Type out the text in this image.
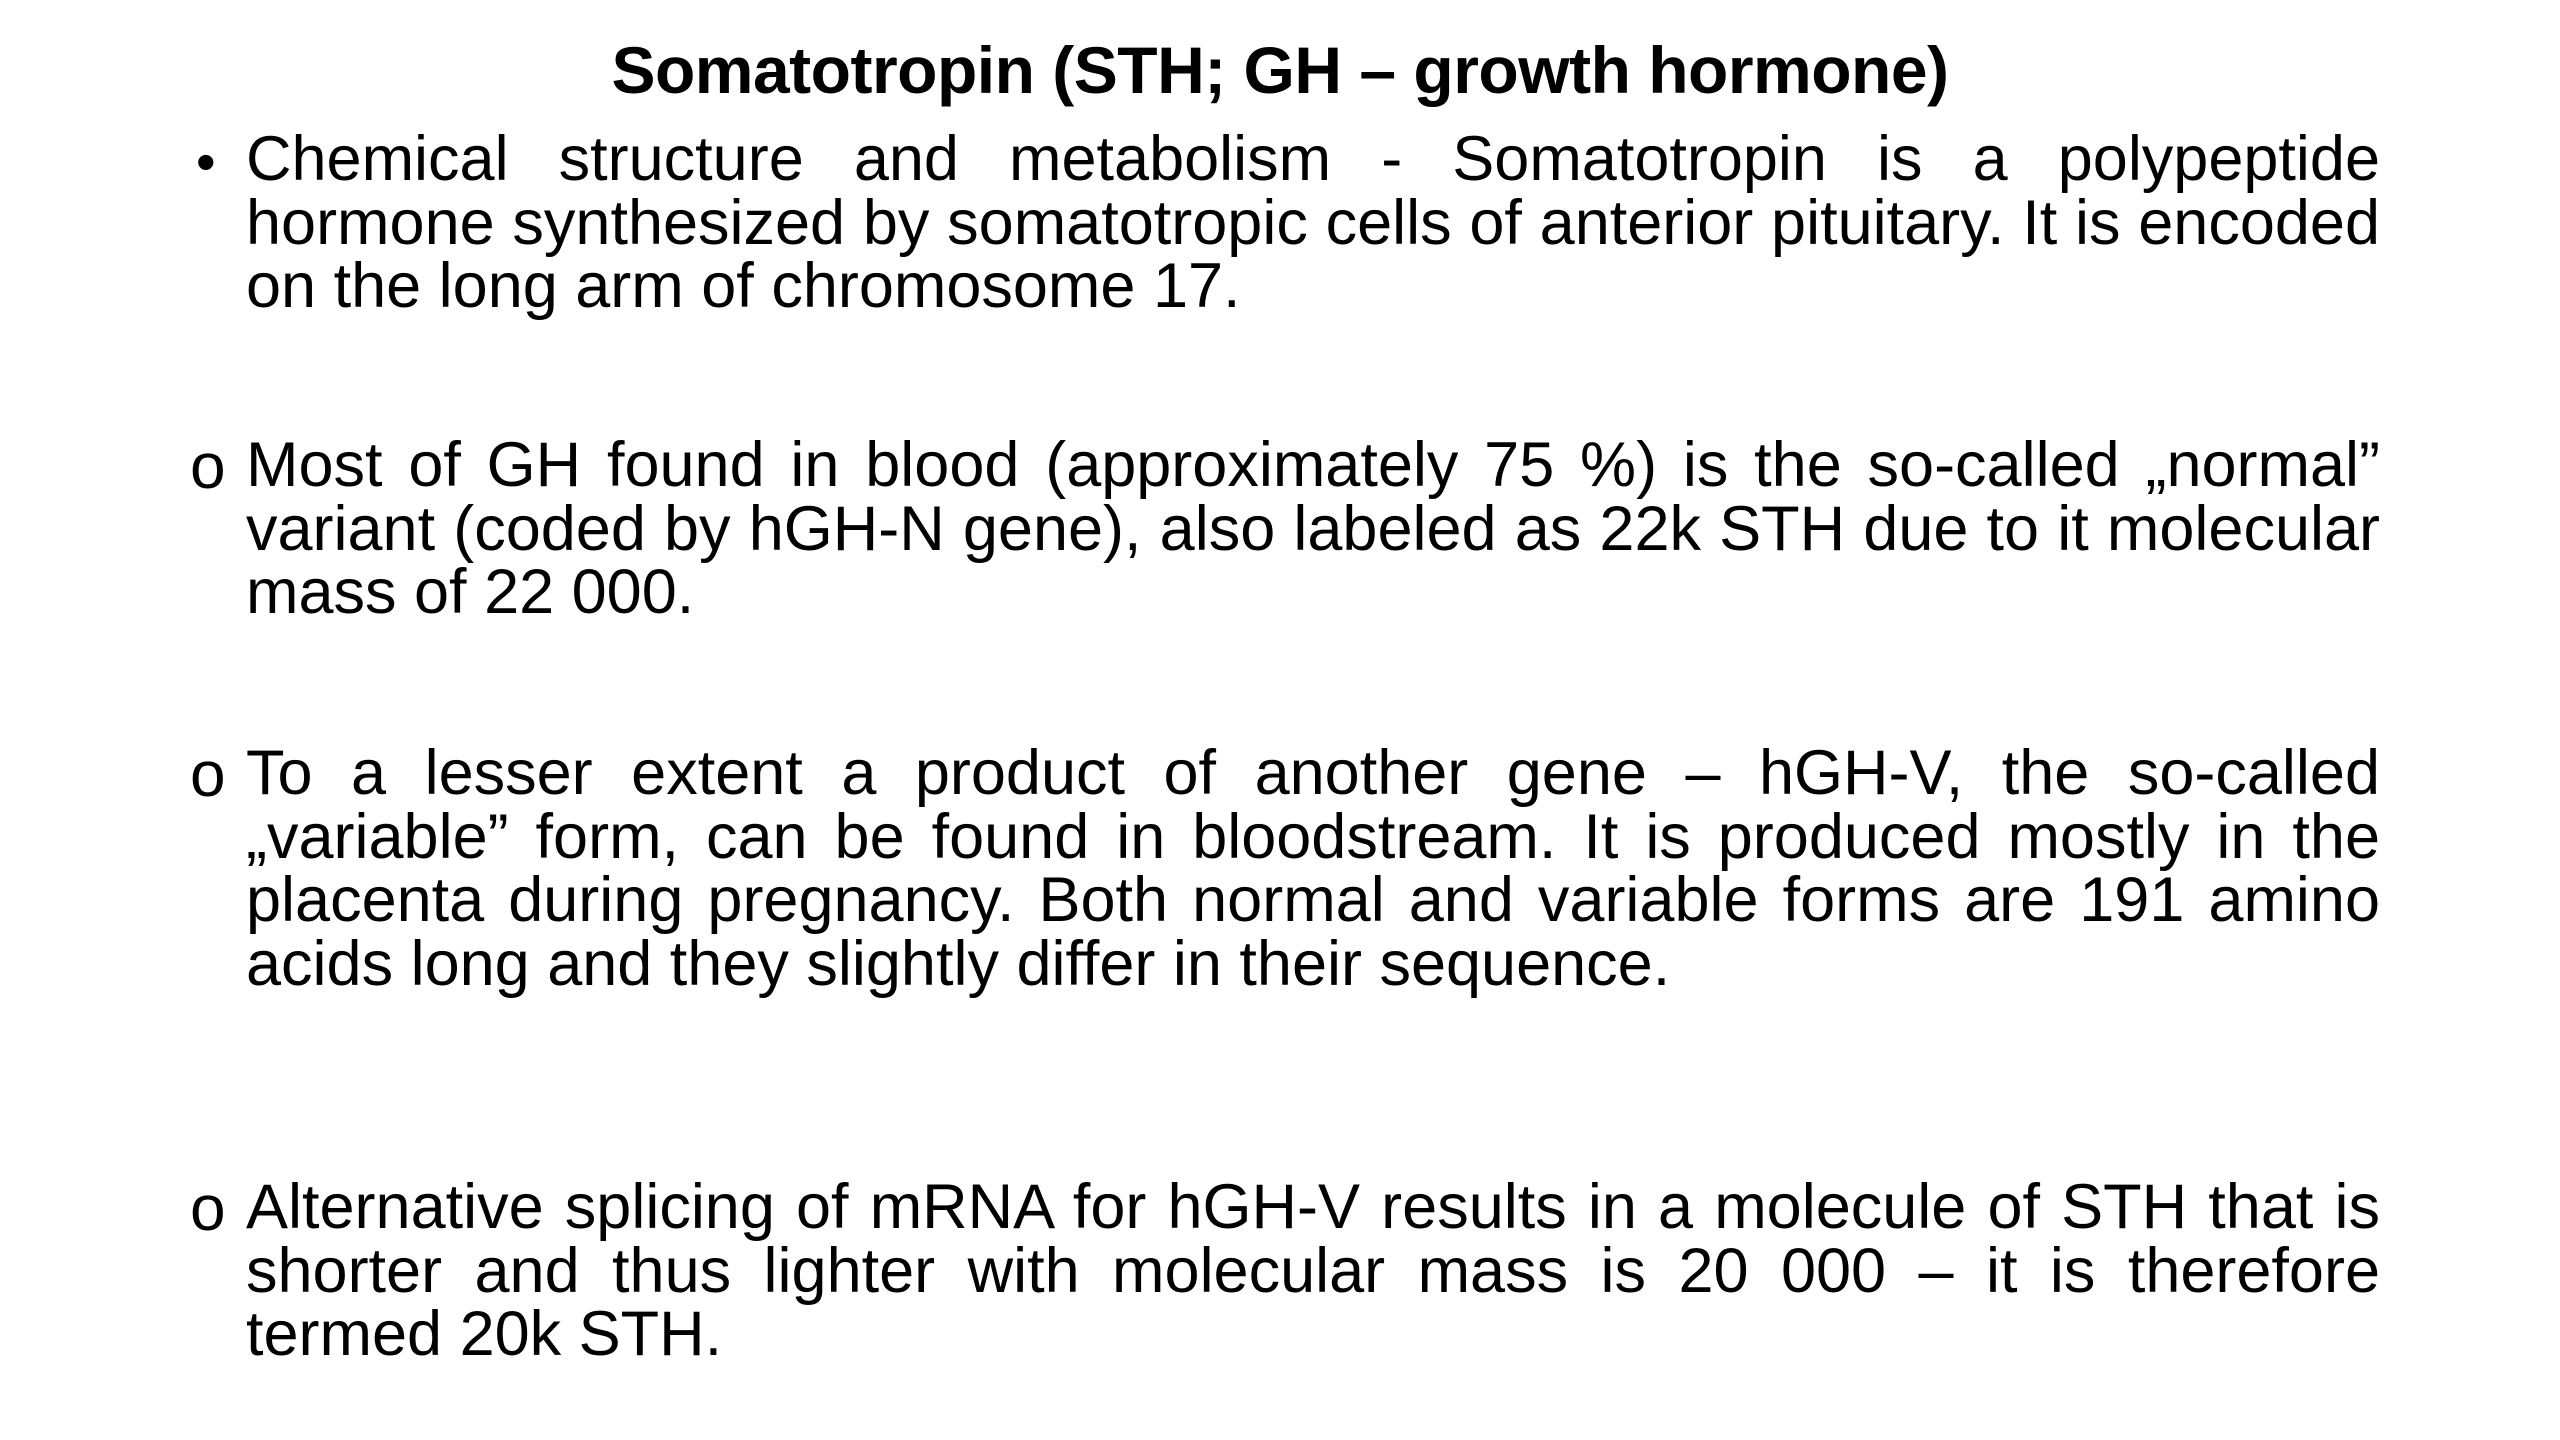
Somatotropin (STH; GH – growth hormone)
• Chemical structure and metabolism - Somatotropin is a polypeptide hormone synthesized by somatotropic cells of anterior pituitary. It is encoded on the long arm of chromosome 17.
o Most of GH found in blood (approximately 75 %) is the so-called „normal” variant (coded by hGH-N gene), also labeled as 22k STH due to it molecular mass of 22 000.
o To a lesser extent a product of another gene – hGH-V, the so-called „variable” form, can be found in bloodstream. It is produced mostly in the placenta during pregnancy. Both normal and variable forms are 191 amino acids long and they slightly differ in their sequence.
o Alternative splicing of mRNA for hGH-V results in a molecule of STH that is shorter and thus lighter with molecular mass is 20 000 – it is therefore termed 20k STH.
